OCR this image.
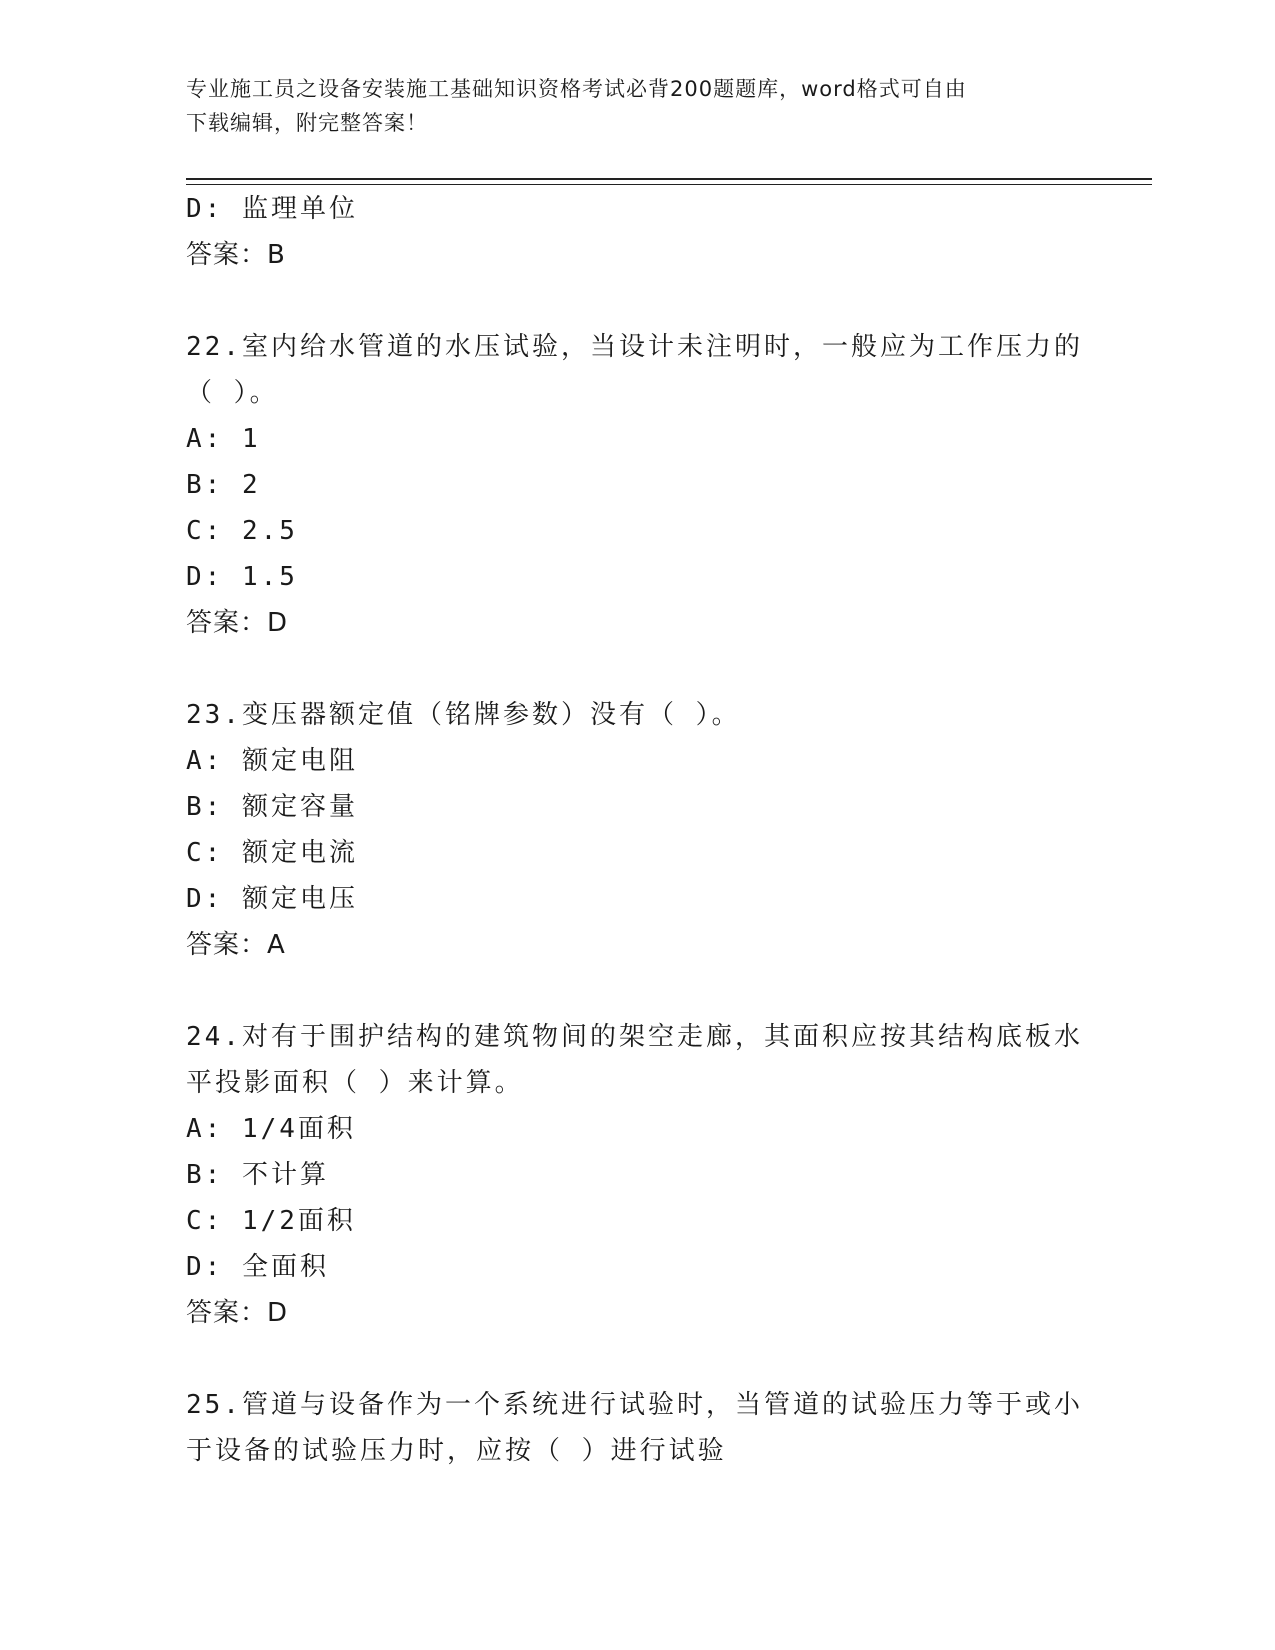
专业施工员之设备安装施工基础知识资格考试必背200题题库，word格式可自由
下载编辑，附完整答案！
D: 监理单位
答案：B
22.室内给水管道的水压试验，当设计未注明时，一般应为工作压力的
（ ）。
A: 1
B: 2
C: 2.5
D: 1.5
答案：D
23.变压器额定值（铭牌参数）没有（ ）。
A: 额定电阻
B: 额定容量
C: 额定电流
D: 额定电压
答案：A
24.对有于围护结构的建筑物间的架空走廊，其面积应按其结构底板水
平投影面积（ ）来计算。
A: 1/4面积
B: 不计算
C: 1/2面积
D: 全面积
答案：D
25.管道与设备作为一个系统进行试验时，当管道的试验压力等于或小
于设备的试验压力时，应按（ ）进行试验
